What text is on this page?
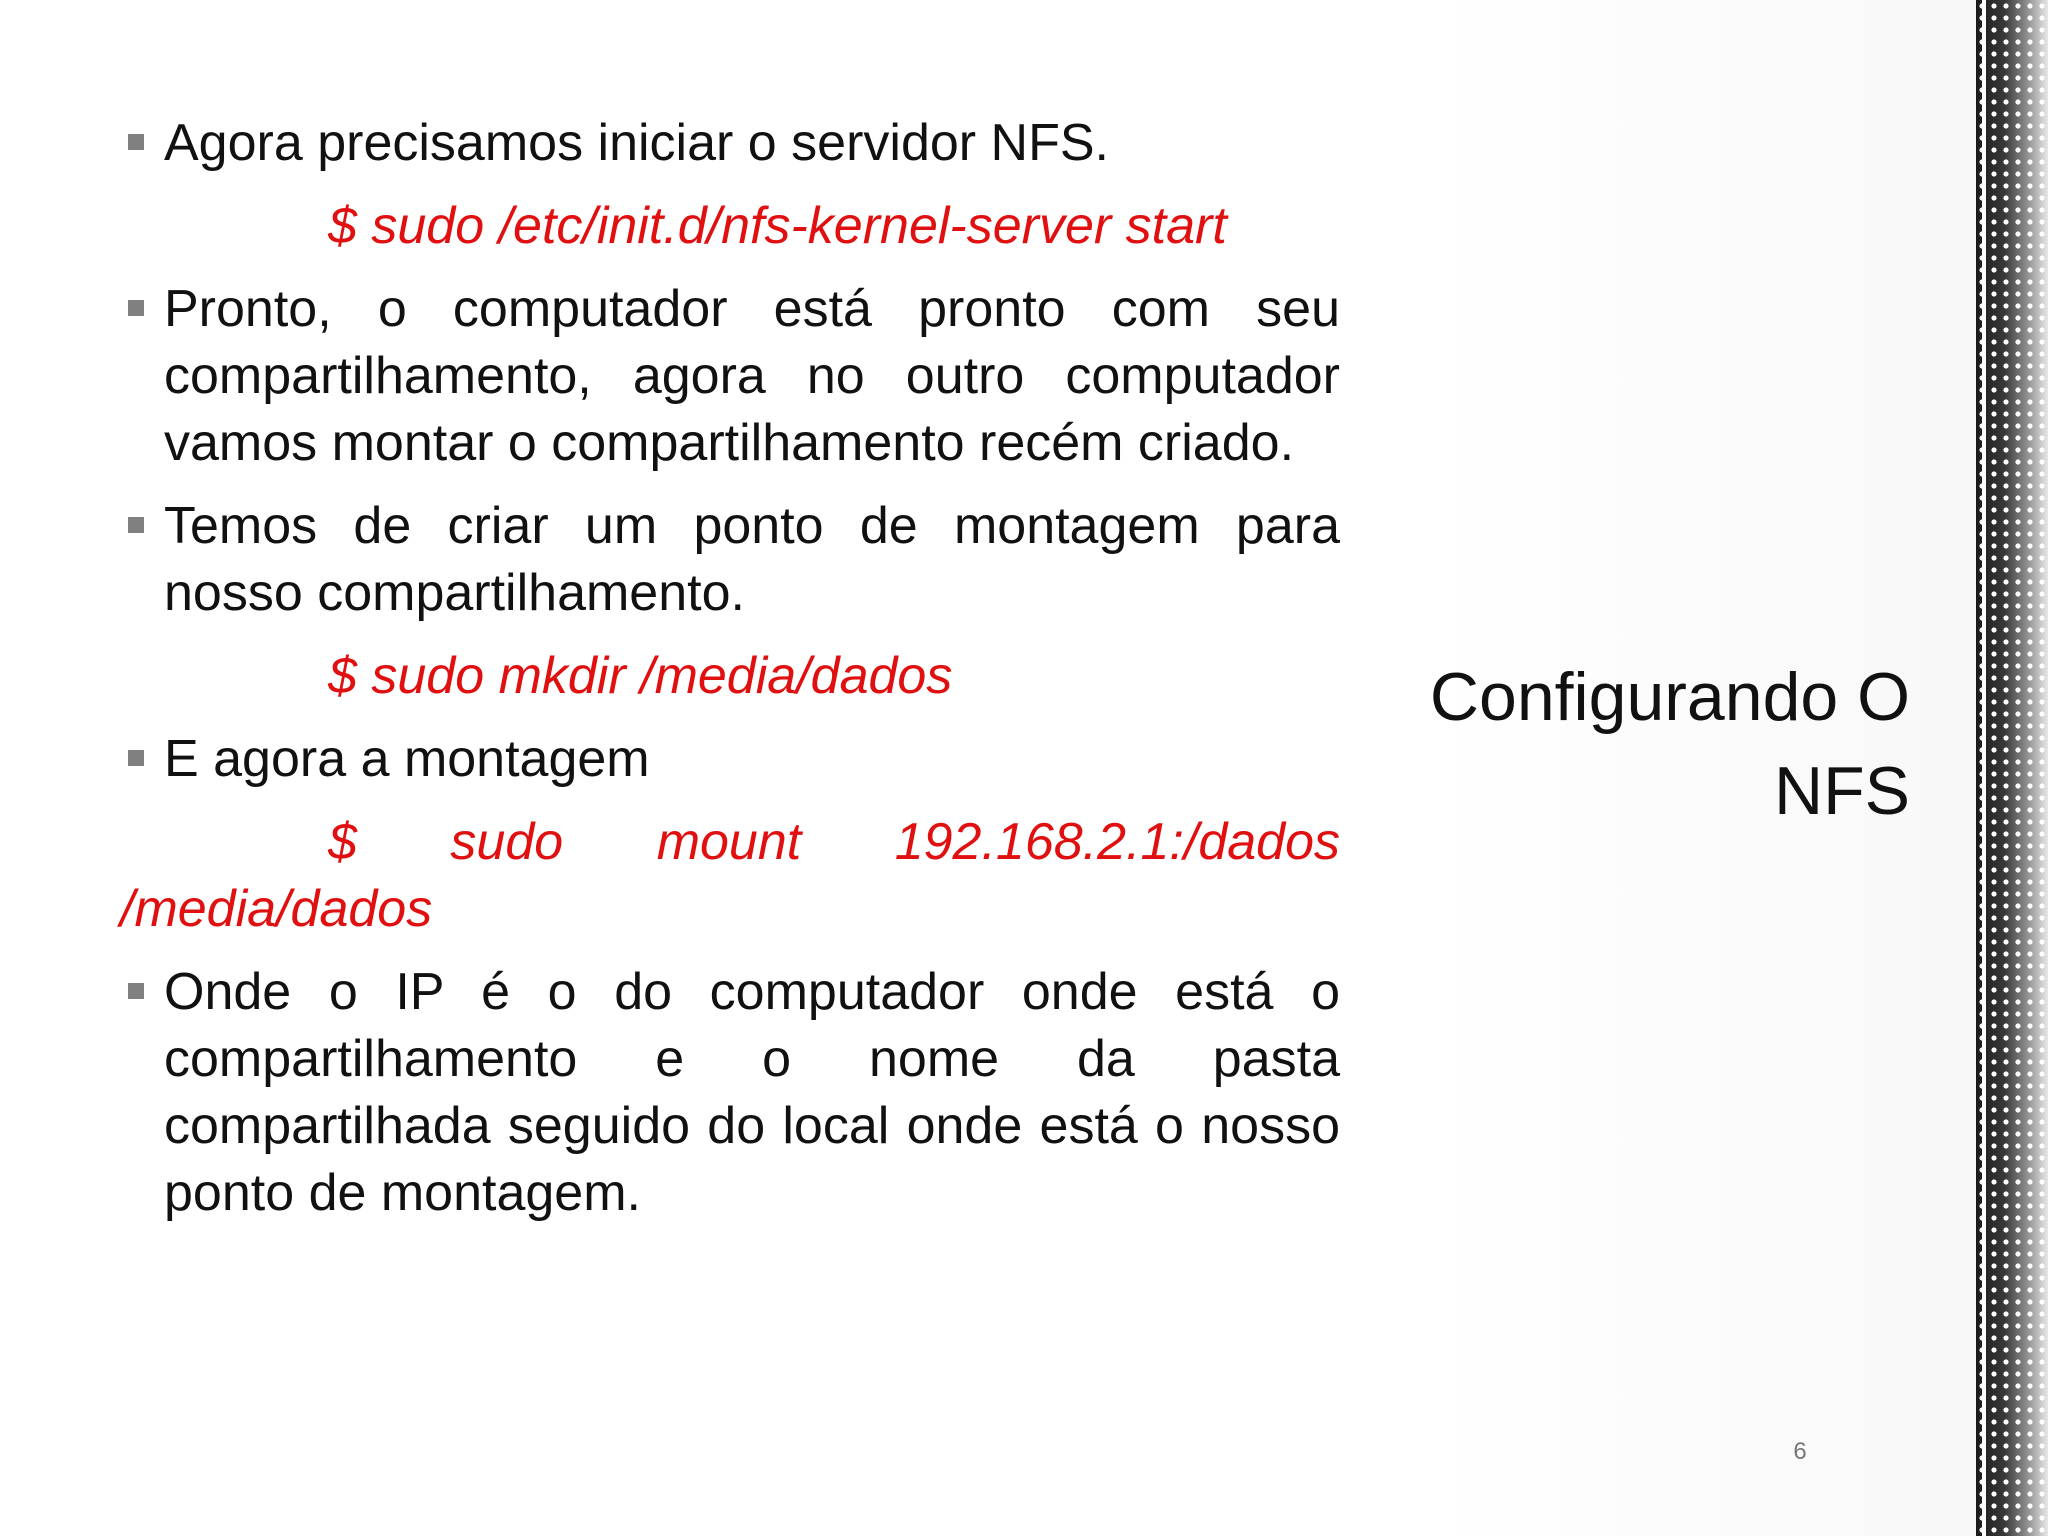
Agora precisamos iniciar o servidor NFS.
$ sudo /etc/init.d/nfs-kernel-server start
Pronto, o computador está pronto com seu compartilhamento, agora no outro computador vamos montar o compartilhamento recém criado.
Temos de criar um ponto de montagem para nosso compartilhamento.
$ sudo mkdir /media/dados
E agora a montagem
$ sudo mount 192.168.2.1:/dados
/media/dados
Onde o IP é o do computador onde está o compartilhamento e o nome da pasta compartilhada seguido do local onde está o nosso ponto de montagem.
Configurando O NFS
6
